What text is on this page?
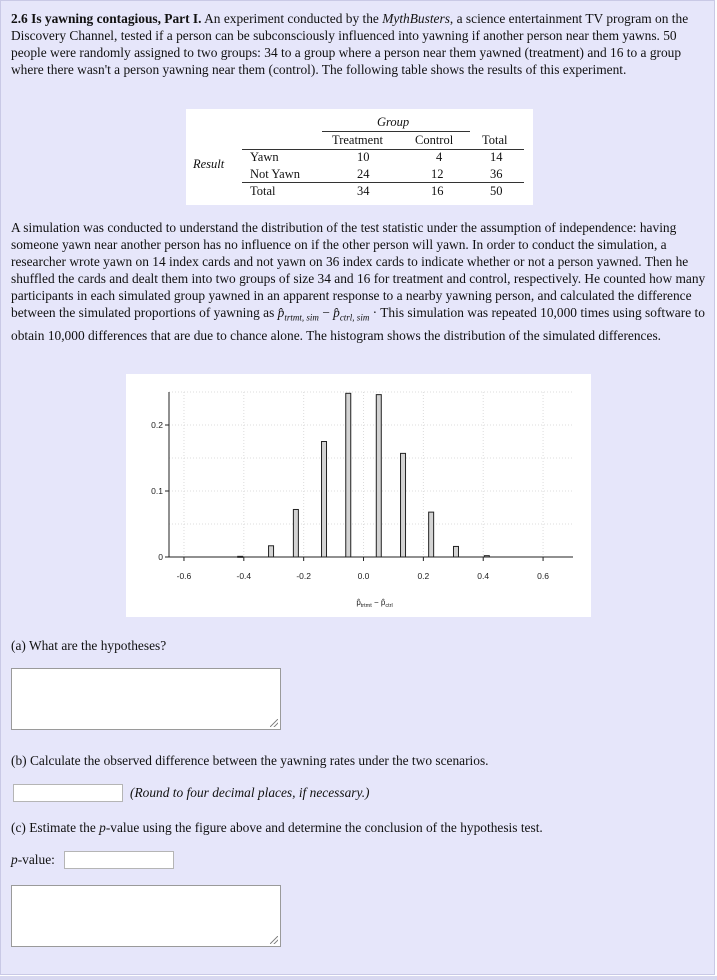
2.6 Is yawning contagious, Part I. An experiment conducted by the MythBusters, a science entertainment TV program on the Discovery Channel, tested if a person can be subconsciously influenced into yawning if another person near them yawns. 50 people were randomly assigned to two groups: 34 to a group where a person near them yawned (treatment) and 16 to a group where there wasn't a person yawning near them (control). The following table shows the results of this experiment.
Group
Treatment	Control Total
Result Yawn	10	4	14
Not Yawn	24	12	36
Total	34	16	50
A simulation was conducted to understand the distribution of the test statistic under the assumption of independence: having someone yawn near another person has no influence on if the other person will yawn. In order to conduct the simulation, a researcher wrote yawn on 14 index cards and not yawn on 36 index cards to indicate whether or not a person yawned. Then he shuffled the cards and dealt them into two groups of size 34 and 16 for treatment and control, respectively. He counted how many participants in each simulated group yawned in an apparent response to a nearby yawning person, and calculated the difference between the simulated proportions of yawning as $p̂_{trtmt, sim}$ − $p̂_{ctrl, sim}$ · This simulation was repeated 10,000 times using software to obtain 10,000 differences that are due to chance alone. The histogram shows the distribution of the simulated differences.
-0.6	-0.4	-0.2	0.0	0.2	0.4	0.6
0
0.1
0.2
$p̂_{trtmt}$ − $p̂_{ctrl}$
(a) What are the hypotheses?
(b) Calculate the observed difference between the yawning rates under the two scenarios.
(Round to four decimal places, if necessary.)
(c) Estimate the p-value using the figure above and determine the conclusion of the hypothesis test.
p-value:
